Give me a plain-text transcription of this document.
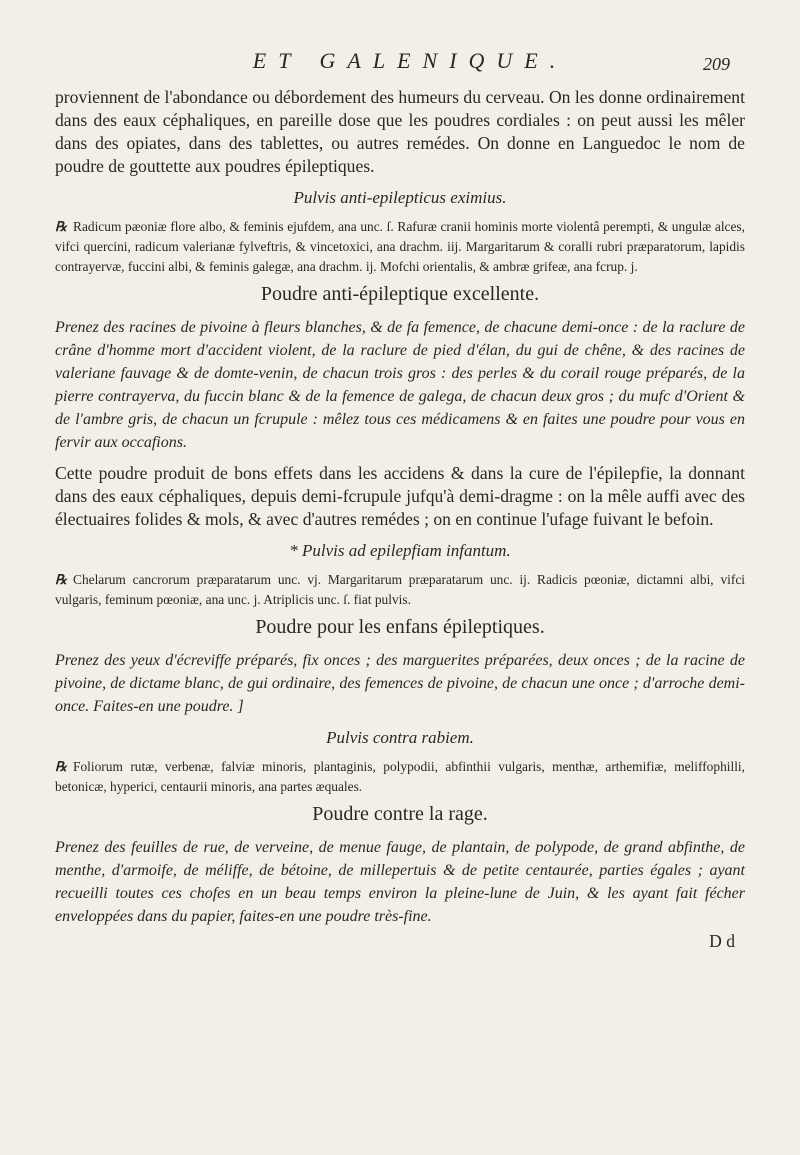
ET GALENIQUE.	209

proviennent de l'abondance ou débordement des humeurs du cerveau. On les donne ordinairement dans des eaux céphaliques, en pareille dose que les poudres cordiales : on peut aussi les mêler dans des opiates, dans des tablettes, ou autres remédes. On donne en Languedoc le nom de poudre de gouttette aux poudres épileptiques.

Pulvis anti-epilepticus eximius.

℞ Radicum pæoniæ flore albo, & feminis ejufdem, ana unc. ſ. Rafuræ cranii hominis morte violentâ perempti, & ungulæ alces, vifci quercini, radicum valerianæ fylveftris, & vincetoxici, ana drachm. iij. Margaritarum & coralli rubri præparatorum, lapidis contrayervæ, fuccini albi, & feminis galegæ, ana drachm. ij. Mofchi orientalis, & ambræ grifeæ, ana fcrup. j.

Poudre anti-épileptique excellente.

Prenez des racines de pivoine à fleurs blanches, & de fa femence, de chacune demi-once : de la raclure de crâne d'homme mort d'accident violent, de la raclure de pied d'élan, du gui de chêne, & des racines de valeriane fauvage & de domte-venin, de chacun trois gros : des perles & du corail rouge préparés, de la pierre contrayerva, du fuccin blanc & de la femence de galega, de chacun deux gros ; du mufc d'Orient & de l'ambre gris, de chacun un fcrupule : mêlez tous ces médicamens & en faites une poudre pour vous en fervir aux occafions.

Cette poudre produit de bons effets dans les accidens & dans la cure de l'épilepfie, la donnant dans des eaux céphaliques, depuis demi-fcrupule jufqu'à demi-dragme : on la mêle auffi avec des électuaires folides & mols, & avec d'autres remédes ; on en continue l'ufage fuivant le befoin.

* Pulvis ad epilepfiam infantum.

℞ Chelarum cancrorum præparatarum unc. vj. Margaritarum præparatarum unc. ij. Radicis pœoniæ, dictamni albi, vifci vulgaris, feminum pœoniæ, ana unc. j. Atriplicis unc. ſ. fiat pulvis.

Poudre pour les enfans épileptiques.

Prenez des yeux d'écreviffe préparés, fix onces ; des marguerites préparées, deux onces ; de la racine de pivoine, de dictame blanc, de gui ordinaire, des femences de pivoine, de chacun une once ; d'arroche demi-once. Faites-en une poudre. ]

Pulvis contra rabiem.

℞ Foliorum rutæ, verbenæ, falviæ minoris, plantaginis, polypodii, abfinthii vulgaris, menthæ, arthemifiæ, meliffophilli, betonicæ, hyperici, centaurii minoris, ana partes æquales.

Poudre contre la rage.

Prenez des feuilles de rue, de verveine, de menue fauge, de plantain, de polypode, de grand abfinthe, de menthe, d'armoife, de méliffe, de bétoine, de millepertuis & de petite centaurée, parties égales ; ayant recueilli toutes ces chofes en un beau temps environ la pleine-lune de Juin, & les ayant fait fécher enveloppées dans du papier, faites-en une poudre très-fine.

D d
